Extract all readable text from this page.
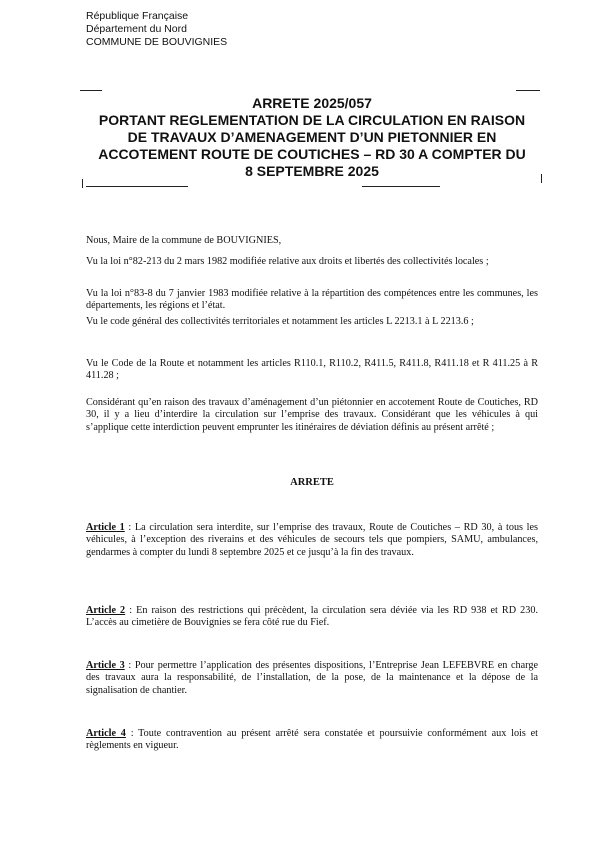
République Française
Département du Nord
COMMUNE DE BOUVIGNIES
ARRETE 2025/057
PORTANT REGLEMENTATION DE LA CIRCULATION EN RAISON
DE TRAVAUX D’AMENAGEMENT D’UN PIETONNIER EN
ACCOTEMENT ROUTE DE COUTICHES – RD 30 A COMPTER DU
8 SEPTEMBRE 2025

Nous, Maire de la commune de BOUVIGNIES,

Vu la loi n°82-213 du 2 mars 1982 modifiée relative aux droits et libertés des collectivités locales ;

Vu la loi n°83-8 du 7 janvier 1983 modifiée relative à la répartition des compétences entre les communes, les départements, les régions et l’état.

Vu le code général des collectivités territoriales et notamment les articles L 2213.1 à L 2213.6 ;

Vu le Code de la Route et notamment les articles R110.1, R110.2, R411.5, R411.8, R411.18 et R 411.25 à R 411.28 ;

Considérant qu’en raison des travaux d’aménagement d’un piétonnier en accotement Route de Coutiches, RD 30, il y a lieu d’interdire la circulation sur l’emprise des travaux. Considérant que les véhicules à qui s’applique cette interdiction peuvent emprunter les itinéraires de déviation définis au présent arrêté ;

ARRETE

Article 1 : La circulation sera interdite, sur l’emprise des travaux, Route de Coutiches – RD 30, à tous les véhicules, à l’exception des riverains et des véhicules de secours tels que pompiers, SAMU, ambulances, gendarmes à compter du lundi 8 septembre 2025 et ce jusqu’à la fin des travaux.

Article 2 : En raison des restrictions qui précèdent, la circulation sera déviée via les RD 938 et RD 230. L’accès au cimetière de Bouvignies se fera côté rue du Fief.

Article 3 : Pour permettre l’application des présentes dispositions, l’Entreprise Jean LEFEBVRE en charge des travaux aura la responsabilité, de l’installation, de la pose, de la maintenance et la dépose de la signalisation de chantier.

Article 4 : Toute contravention au présent arrêté sera constatée et poursuivie conformément aux lois et règlements en vigueur.
